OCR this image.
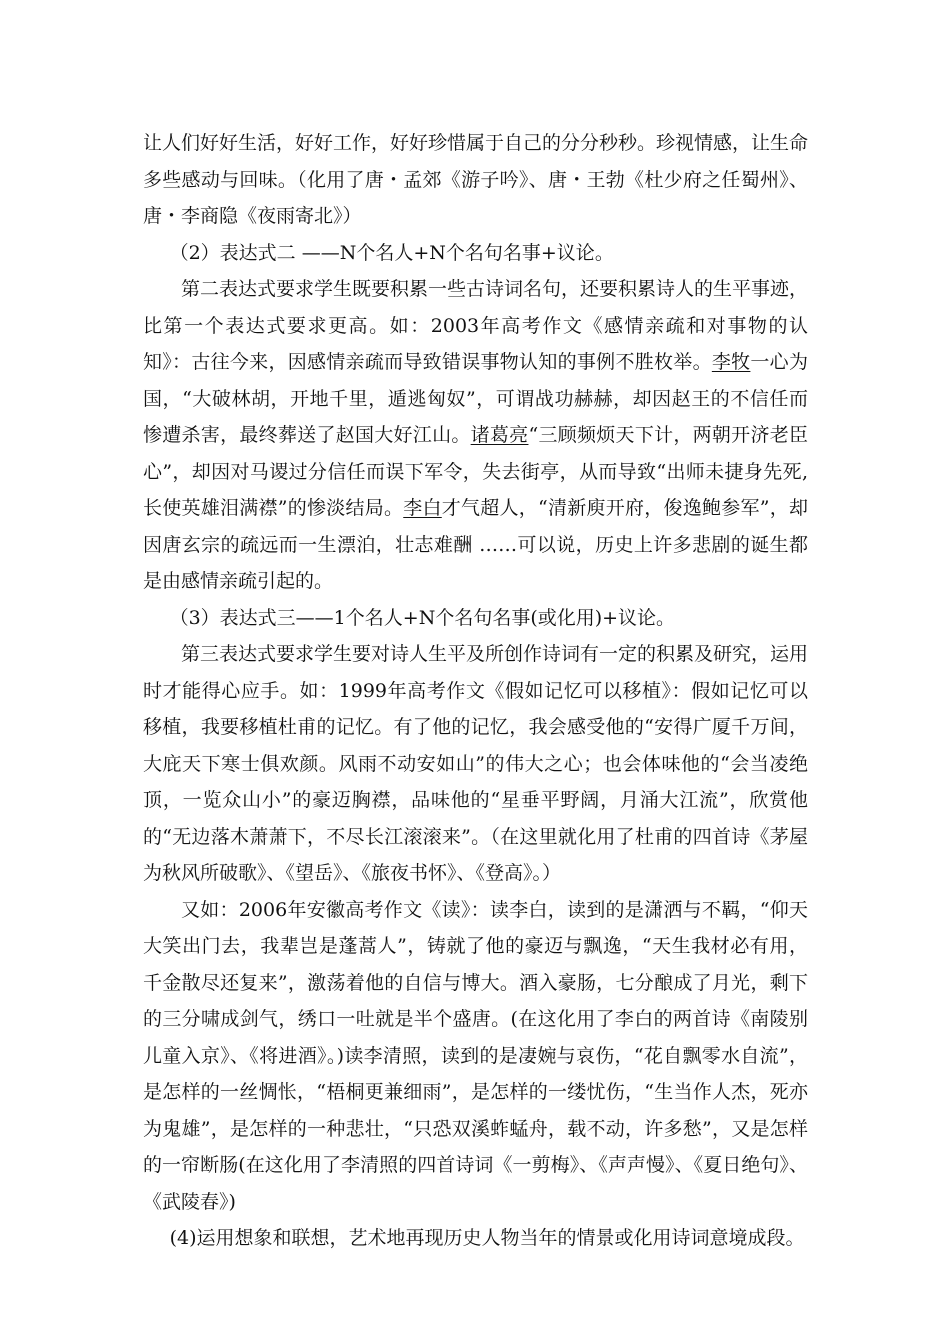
让人们好好生活，好好工作，好好珍惜属于自己的分分秒秒。珍视情感，让生命多些感动与回味。（化用了唐・孟郊《游子吟》、唐・王勃《杜少府之任蜀州》、唐・李商隐《夜雨寄北》）

（2）表达式二 ——N个名人+N个名句名事+议论。

第二表达式要求学生既要积累一些古诗词名句，还要积累诗人的生平事迹，比第一个表达式要求更高。如：2003年高考作文《感情亲疏和对事物的认知》：古往今来，因感情亲疏而导致错误事物认知的事例不胜枚举。李牧一心为国，“大破林胡，开地千里，遁逃匈奴”，可谓战功赫赫，却因赵王的不信任而惨遭杀害，最终葬送了赵国大好江山。诸葛亮“三顾频烦天下计，两朝开济老臣心”，却因对马谡过分信任而误下军令，失去街亭，从而导致“出师未捷身先死,长使英雄泪满襟”的惨淡结局。李白才气超人，“清新庾开府，俊逸鲍参军”，却因唐玄宗的疏远而一生漂泊，壮志难酬 ……可以说，历史上许多悲剧的诞生都是由感情亲疏引起的。

（3）表达式三——1个名人+N个名句名事(或化用)+议论。

第三表达式要求学生要对诗人生平及所创作诗词有一定的积累及研究，运用时才能得心应手。如：1999年高考作文《假如记忆可以移植》：假如记忆可以移植，我要移植杜甫的记忆。有了他的记忆，我会感受他的“安得广厦千万间，大庇天下寒士俱欢颜。风雨不动安如山”的伟大之心；也会体味他的“会当凌绝顶，一览众山小”的豪迈胸襟，品味他的“星垂平野阔，月涌大江流”，欣赏他的“无边落木萧萧下，不尽长江滚滚来”。（在这里就化用了杜甫的四首诗《茅屋为秋风所破歌》、《望岳》、《旅夜书怀》、《登高》。）

又如：2006年安徽高考作文《读》：读李白，读到的是潇洒与不羁，“仰天大笑出门去，我辈岂是蓬蒿人”，铸就了他的豪迈与飘逸，“天生我材必有用，千金散尽还复来”，激荡着他的自信与博大。酒入豪肠，七分酿成了月光，剩下的三分啸成剑气，绣口一吐就是半个盛唐。(在这化用了李白的两首诗《南陵别儿童入京》、《将进酒》。)读李清照，读到的是凄婉与哀伤，“花自飘零水自流”，是怎样的一丝惆怅，“梧桐更兼细雨”，是怎样的一缕忧伤，“生当作人杰，死亦为鬼雄”，是怎样的一种悲壮，“只恐双溪蚱蜢舟，载不动，许多愁”，又是怎样的一帘断肠(在这化用了李清照的四首诗词《一剪梅》、《声声慢》、《夏日绝句》、《武陵春》)

(4)运用想象和联想，艺术地再现历史人物当年的情景或化用诗词意境成段。
